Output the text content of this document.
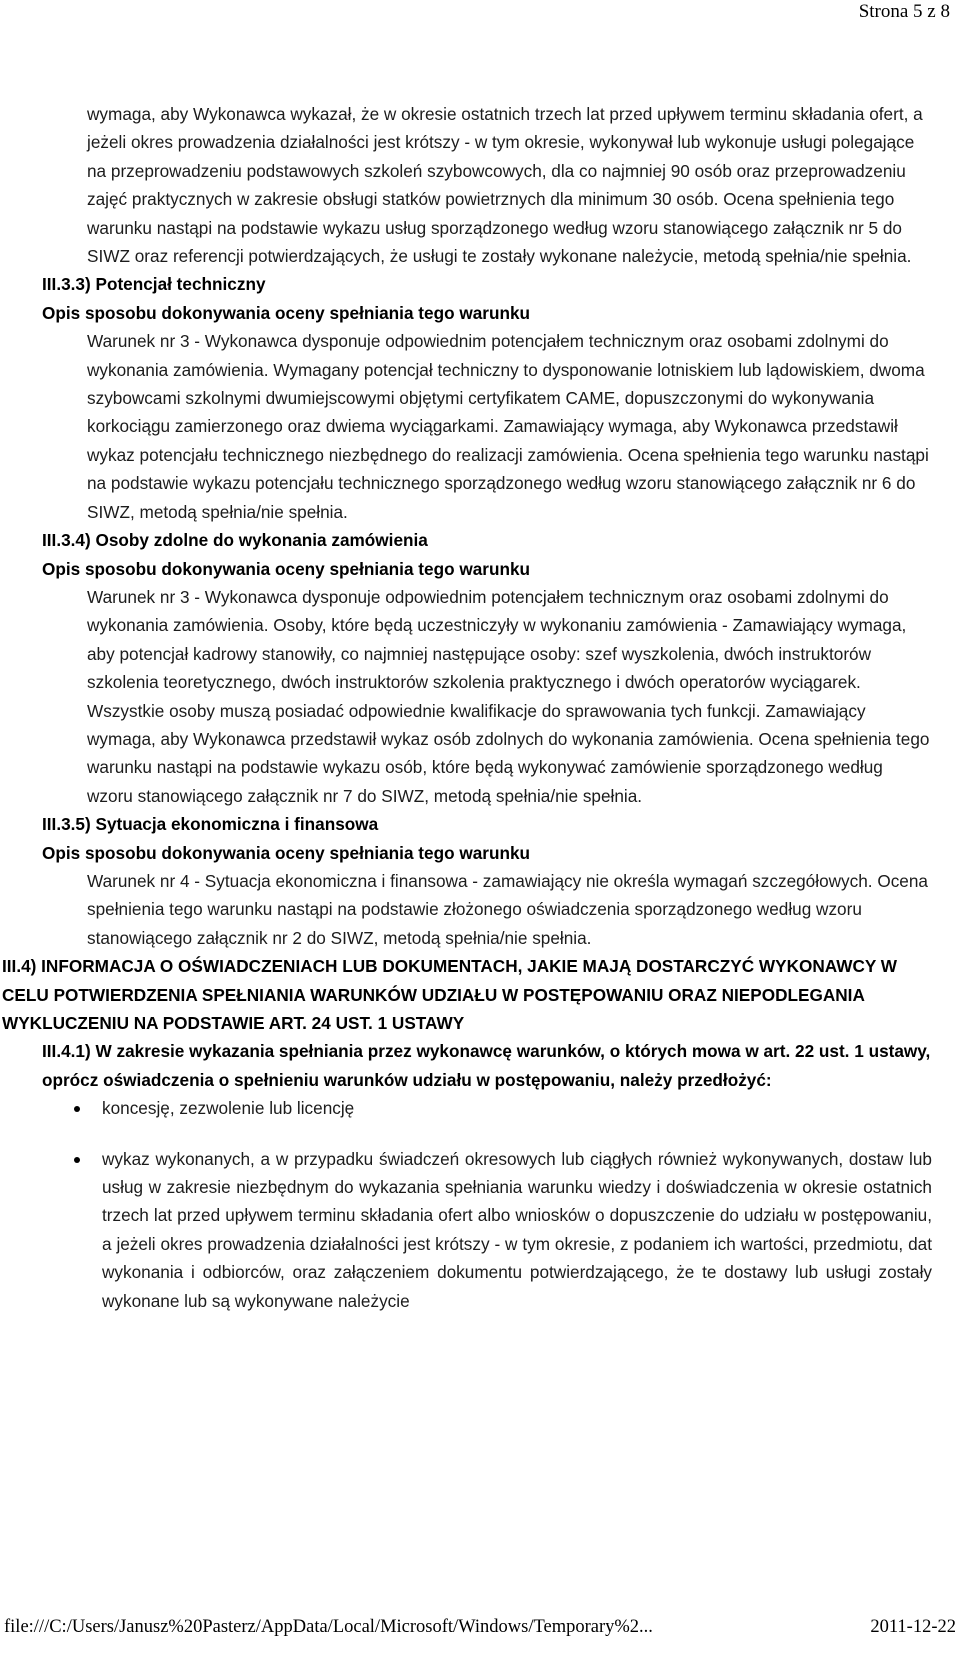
Strona 5 z 8

wymaga, aby Wykonawca wykazał, że w okresie ostatnich trzech lat przed upływem terminu składania ofert, a jeżeli okres prowadzenia działalności jest krótszy - w tym okresie, wykonywał lub wykonuje usługi polegające na przeprowadzeniu podstawowych szkoleń szybowcowych, dla co najmniej 90 osób oraz przeprowadzeniu zajęć praktycznych w zakresie obsługi statków powietrznych dla minimum 30 osób. Ocena spełnienia tego warunku nastąpi na podstawie wykazu usług sporządzonego według wzoru stanowiącego załącznik nr 5 do SIWZ oraz referencji potwierdzających, że usługi te zostały wykonane należycie, metodą spełnia/nie spełnia.

III.3.3) Potencjał techniczny

Opis sposobu dokonywania oceny spełniania tego warunku

Warunek nr 3 - Wykonawca dysponuje odpowiednim potencjałem technicznym oraz osobami zdolnymi do wykonania zamówienia. Wymagany potencjał techniczny to dysponowanie lotniskiem lub lądowiskiem, dwoma szybowcami szkolnymi dwumiejscowymi objętymi certyfikatem CAME, dopuszczonymi do wykonywania korkociągu zamierzonego oraz dwiema wyciągarkami. Zamawiający wymaga, aby Wykonawca przedstawił wykaz potencjału technicznego niezbędnego do realizacji zamówienia. Ocena spełnienia tego warunku nastąpi na podstawie wykazu potencjału technicznego sporządzonego według wzoru stanowiącego załącznik nr 6 do SIWZ, metodą spełnia/nie spełnia.

III.3.4) Osoby zdolne do wykonania zamówienia

Opis sposobu dokonywania oceny spełniania tego warunku

Warunek nr 3 - Wykonawca dysponuje odpowiednim potencjałem technicznym oraz osobami zdolnymi do wykonania zamówienia. Osoby, które będą uczestniczyły w wykonaniu zamówienia - Zamawiający wymaga, aby potencjał kadrowy stanowiły, co najmniej następujące osoby: szef wyszkolenia, dwóch instruktorów szkolenia teoretycznego, dwóch instruktorów szkolenia praktycznego i dwóch operatorów wyciągarek. Wszystkie osoby muszą posiadać odpowiednie kwalifikacje do sprawowania tych funkcji. Zamawiający wymaga, aby Wykonawca przedstawił wykaz osób zdolnych do wykonania zamówienia. Ocena spełnienia tego warunku nastąpi na podstawie wykazu osób, które będą wykonywać zamówienie sporządzonego według wzoru stanowiącego załącznik nr 7 do SIWZ, metodą spełnia/nie spełnia.

III.3.5) Sytuacja ekonomiczna i finansowa

Opis sposobu dokonywania oceny spełniania tego warunku

Warunek nr 4 - Sytuacja ekonomiczna i finansowa - zamawiający nie określa wymagań szczegółowych. Ocena spełnienia tego warunku nastąpi na podstawie złożonego oświadczenia sporządzonego według wzoru stanowiącego załącznik nr 2 do SIWZ, metodą spełnia/nie spełnia.

III.4) INFORMACJA O OŚWIADCZENIACH LUB DOKUMENTACH, JAKIE MAJĄ DOSTARCZYĆ WYKONAWCY W CELU POTWIERDZENIA SPEŁNIANIA WARUNKÓW UDZIAŁU W POSTĘPOWANIU ORAZ NIEPODLEGANIA WYKLUCZENIU NA PODSTAWIE ART. 24 UST. 1 USTAWY

III.4.1) W zakresie wykazania spełniania przez wykonawcę warunków, o których mowa w art. 22 ust. 1 ustawy, oprócz oświadczenia o spełnieniu warunków udziału w postępowaniu, należy przedłożyć:

koncesję, zezwolenie lub licencję
wykaz wykonanych, a w przypadku świadczeń okresowych lub ciągłych również wykonywanych, dostaw lub usług w zakresie niezbędnym do wykazania spełniania warunku wiedzy i doświadczenia w okresie ostatnich trzech lat przed upływem terminu składania ofert albo wniosków o dopuszczenie do udziału w postępowaniu, a jeżeli okres prowadzenia działalności jest krótszy - w tym okresie, z podaniem ich wartości, przedmiotu, dat wykonania i odbiorców, oraz załączeniem dokumentu potwierdzającego, że te dostawy lub usługi zostały wykonane lub są wykonywane należycie
file:///C:/Users/Janusz%20Pasterz/AppData/Local/Microsoft/Windows/Temporary%2...	2011-12-22
